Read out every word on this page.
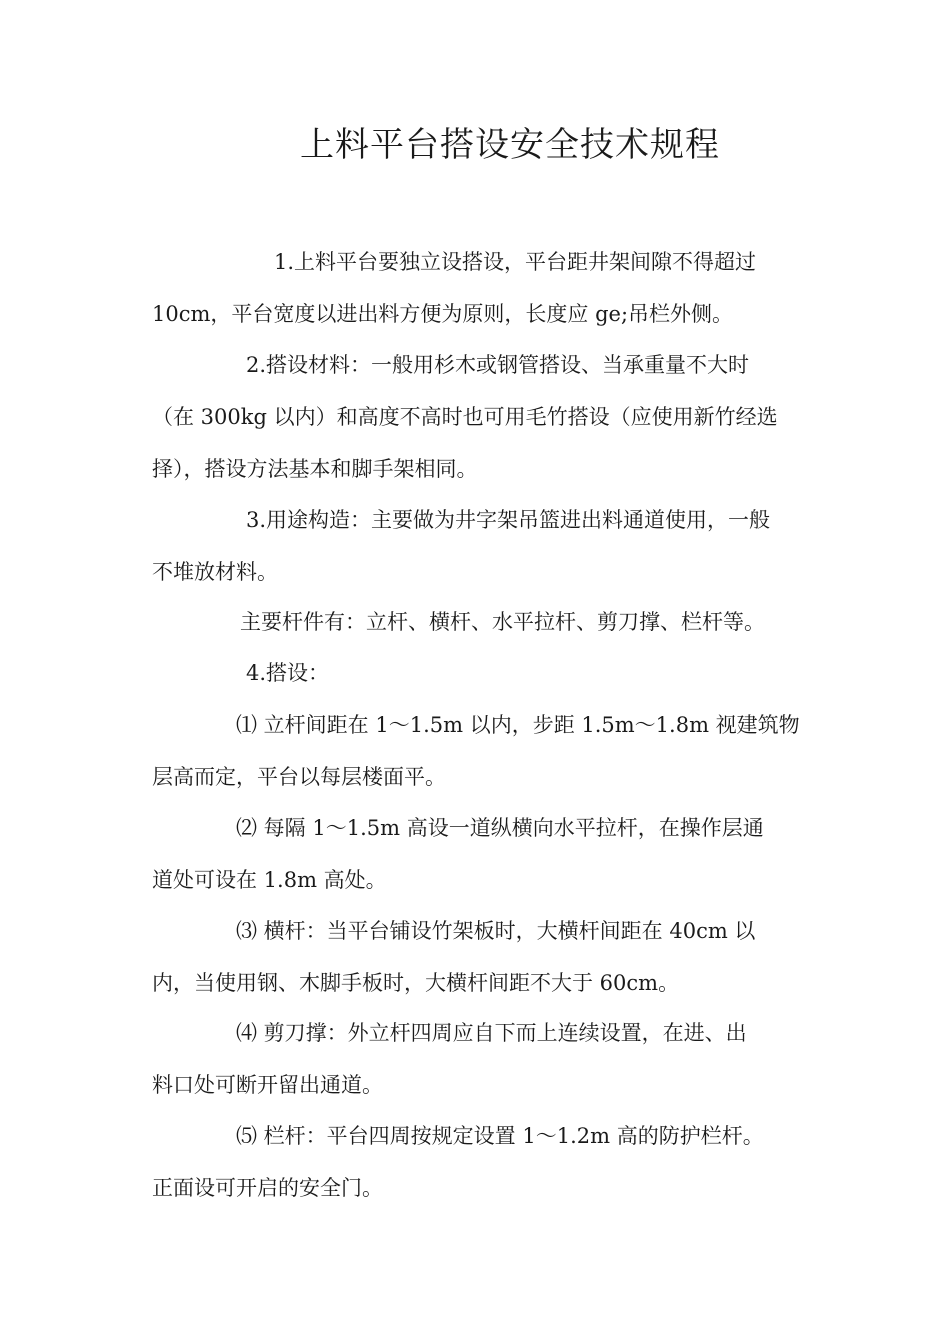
上料平台搭设安全技术规程
1.上料平台要独立设搭设，平台距井架间隙不得超过
10cm，平台宽度以进出料方便为原则，长度应 ge;吊栏外侧。
2.搭设材料：一般用杉木或钢管搭设、当承重量不大时
（在 300kg 以内）和高度不高时也可用毛竹搭设（应使用新竹经选
择），搭设方法基本和脚手架相同。
3.用途构造：主要做为井字架吊篮进出料通道使用，一般
不堆放材料。
主要杆件有：立杆、横杆、水平拉杆、剪刀撑、栏杆等。
4.搭设：
⑴ 立杆间距在 1～1.5m 以内，步距 1.5m～1.8m 视建筑物
层高而定，平台以每层楼面平。
⑵ 每隔 1～1.5m 高设一道纵横向水平拉杆，在操作层通
道处可设在 1.8m 高处。
⑶ 横杆：当平台铺设竹架板时，大横杆间距在 40cm 以
内，当使用钢、木脚手板时，大横杆间距不大于 60cm。
⑷ 剪刀撑：外立杆四周应自下而上连续设置，在进、出
料口处可断开留出通道。
⑸ 栏杆：平台四周按规定设置 1～1.2m 高的防护栏杆。
正面设可开启的安全门。
